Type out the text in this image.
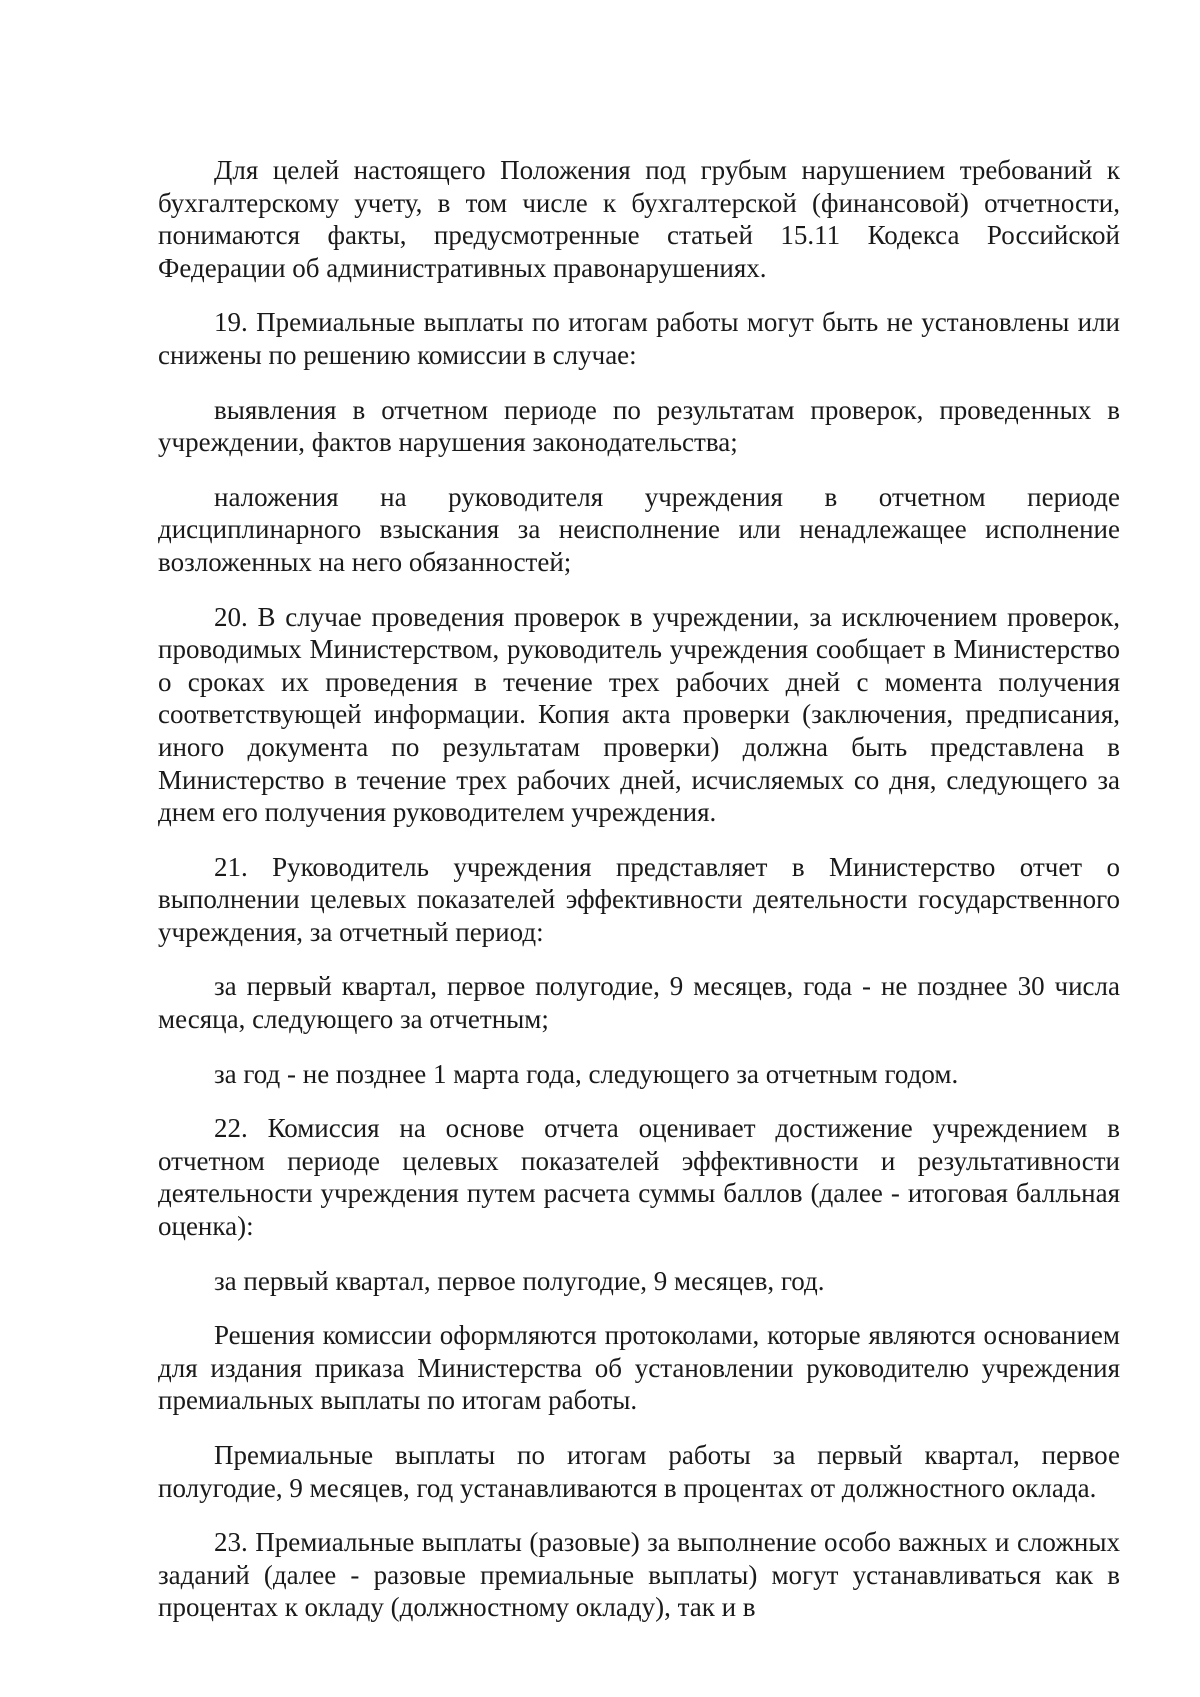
Для целей настоящего Положения под грубым нарушением требований к бухгалтерскому учету, в том числе к бухгалтерской (финансовой) отчетности, понимаются факты, предусмотренные статьей 15.11 Кодекса Российской Федерации об административных правонарушениях.

19. Премиальные выплаты по итогам работы могут быть не установлены или снижены по решению комиссии в случае:

выявления в отчетном периоде по результатам проверок, проведенных в учреждении, фактов нарушения законодательства;

наложения на руководителя учреждения в отчетном периоде дисциплинарного взыскания за неисполнение или ненадлежащее исполнение возложенных на него обязанностей;

20. В случае проведения проверок в учреждении, за исключением проверок, проводимых Министерством, руководитель учреждения сообщает в Министерство о сроках их проведения в течение трех рабочих дней с момента получения соответствующей информации. Копия акта проверки (заключения, предписания, иного документа по результатам проверки) должна быть представлена в Министерство в течение трех рабочих дней, исчисляемых со дня, следующего за днем его получения руководителем учреждения.

21. Руководитель учреждения представляет в Министерство отчет о выполнении целевых показателей эффективности деятельности государственного учреждения, за отчетный период:

за первый квартал, первое полугодие, 9 месяцев, года - не позднее 30 числа месяца, следующего за отчетным;

за год - не позднее 1 марта года, следующего за отчетным годом.

22. Комиссия на основе отчета оценивает достижение учреждением в отчетном периоде целевых показателей эффективности и результативности деятельности учреждения путем расчета суммы баллов (далее - итоговая балльная оценка):

за первый квартал, первое полугодие, 9 месяцев, год.

Решения комиссии оформляются протоколами, которые являются основанием для издания приказа Министерства об установлении руководителю учреждения премиальных выплаты по итогам работы.

Премиальные выплаты по итогам работы за первый квартал, первое полугодие, 9 месяцев, год устанавливаются в процентах от должностного оклада.

23. Премиальные выплаты (разовые) за выполнение особо важных и сложных заданий (далее - разовые премиальные выплаты) могут устанавливаться как в процентах к окладу (должностному окладу), так и в
